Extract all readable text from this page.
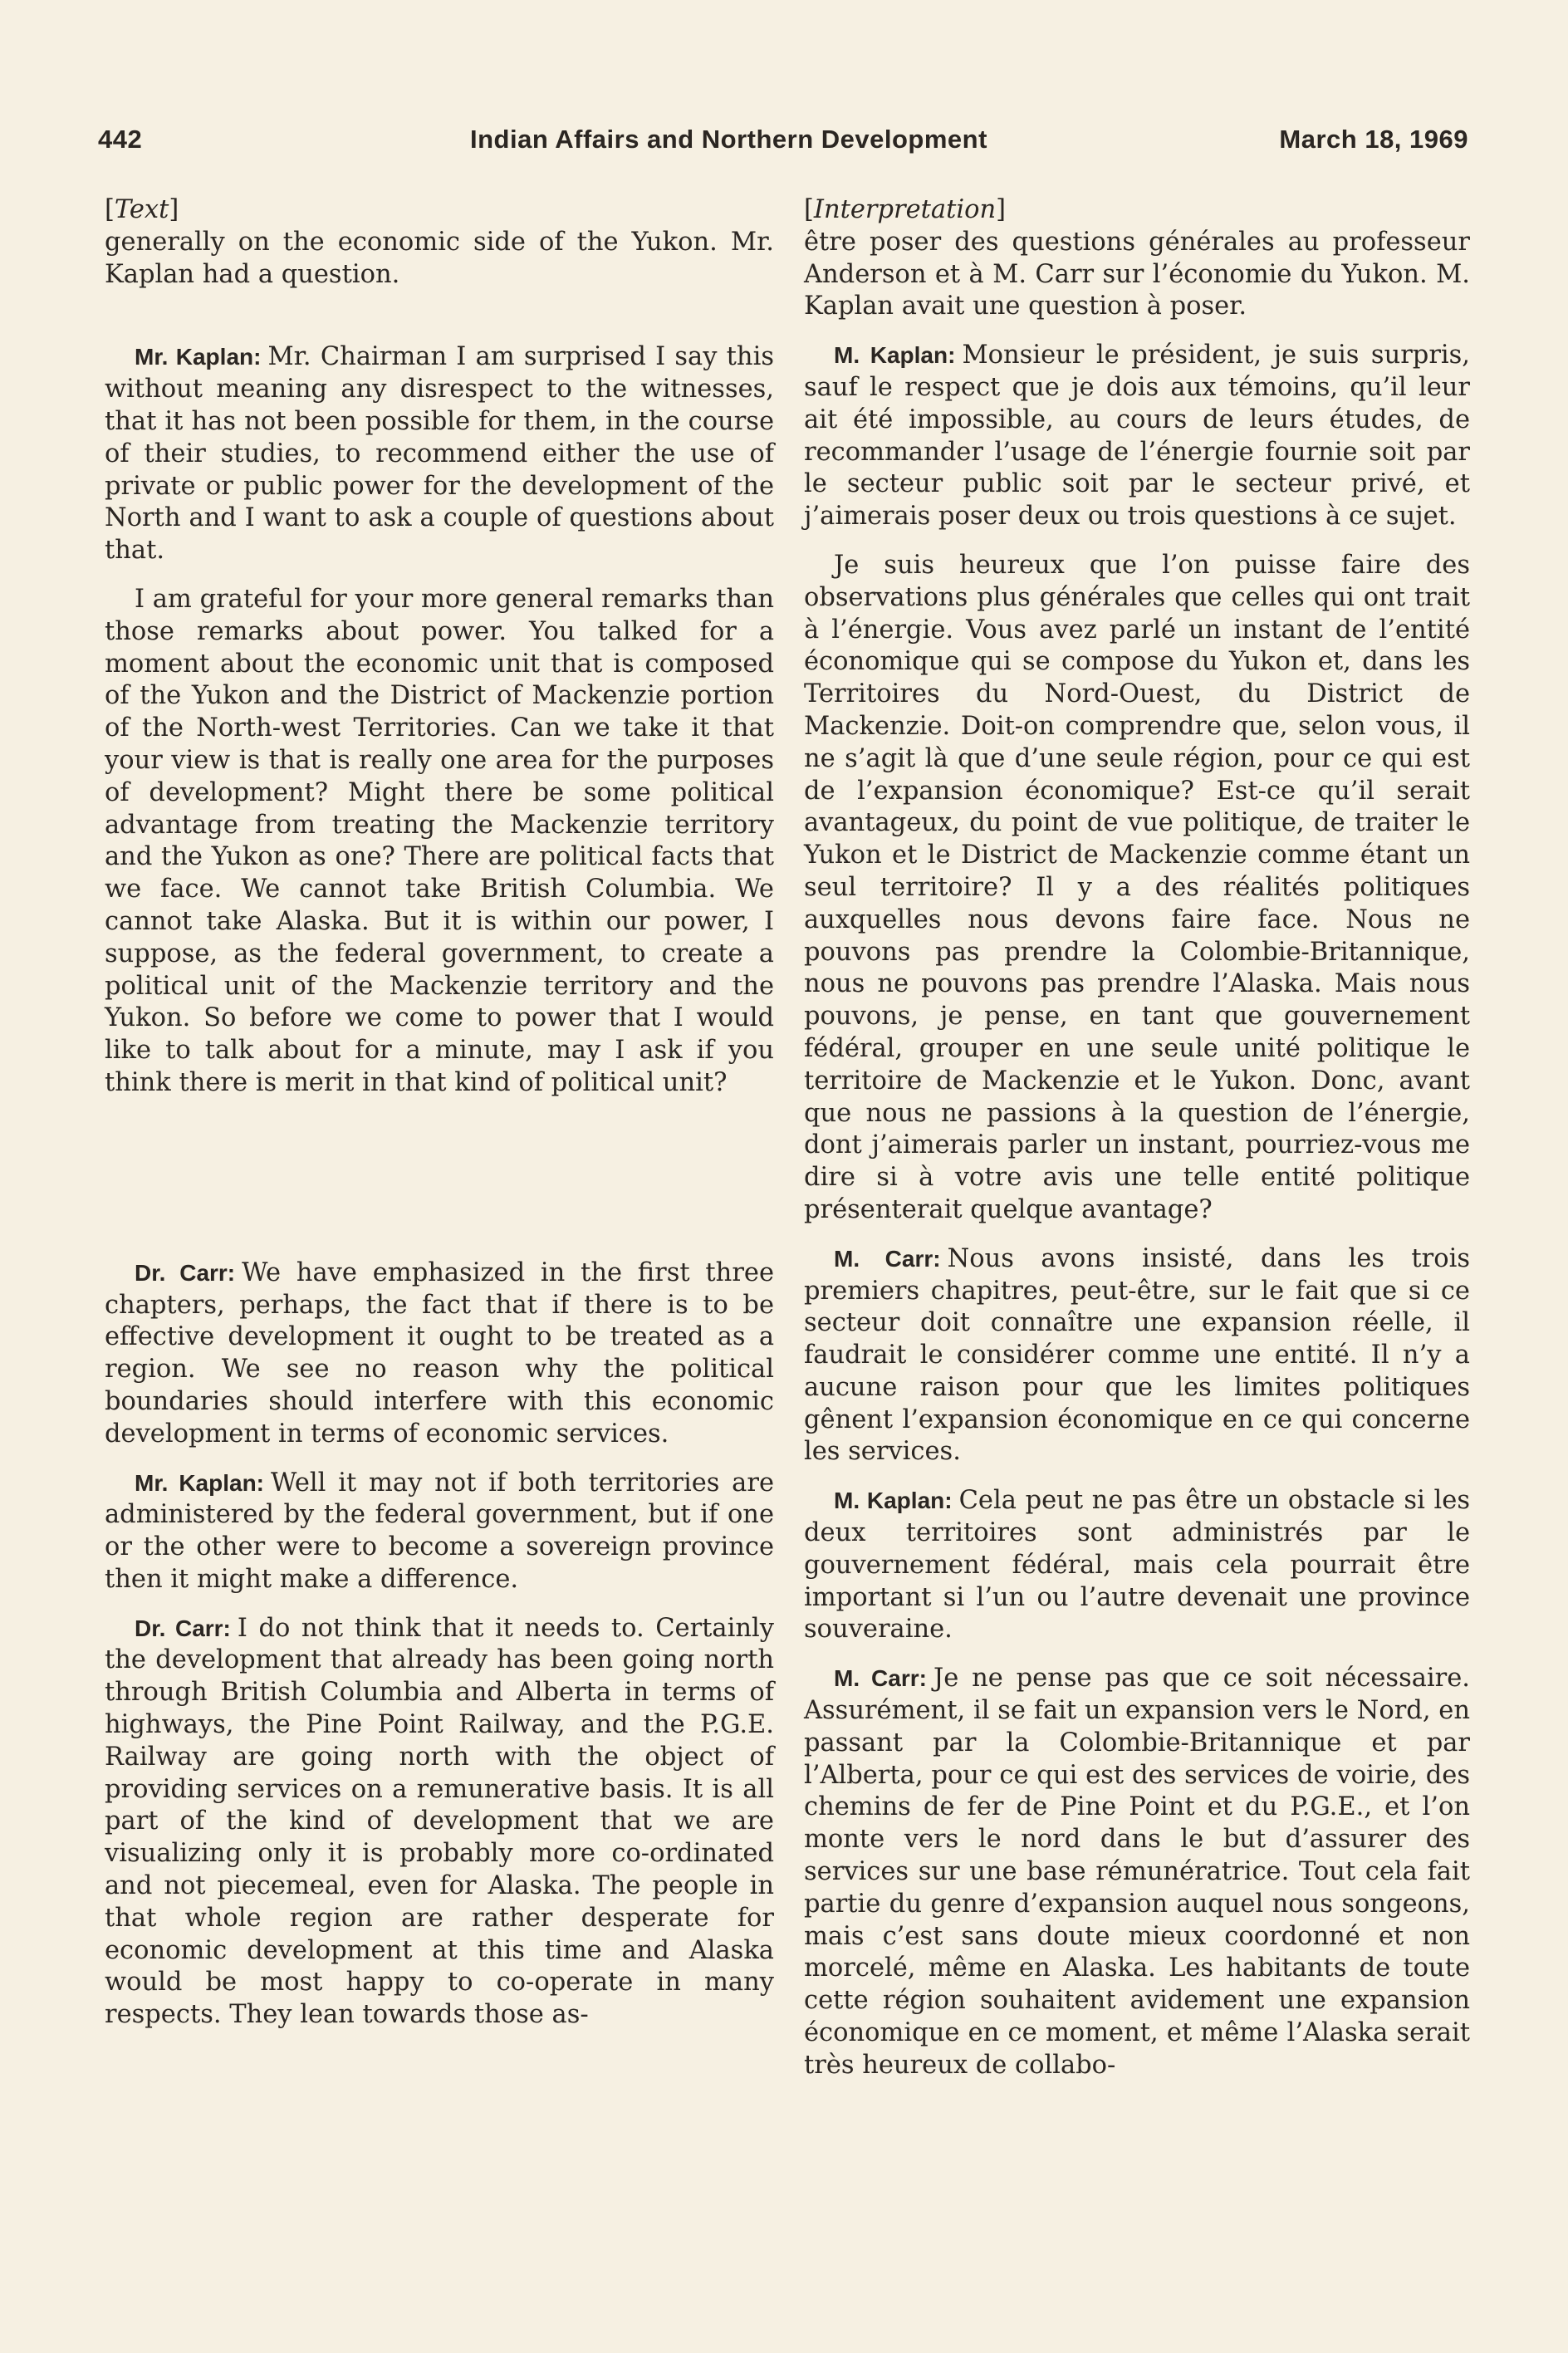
442	Indian Affairs and Northern Development	March 18, 1969
[Text]

generally on the economic side of the Yukon. Mr. Kaplan had a question.

Mr. Kaplan: Mr. Chairman I am surprised I say this without meaning any disrespect to the witnesses, that it has not been possible for them, in the course of their studies, to recommend either the use of private or public power for the development of the North and I want to ask a couple of questions about that.

I am grateful for your more general remarks than those remarks about power. You talked for a moment about the economic unit that is composed of the Yukon and the District of Mackenzie portion of the North-west Territories. Can we take it that your view is that is really one area for the purposes of development? Might there be some political advantage from treating the Mackenzie territory and the Yukon as one? There are political facts that we face. We cannot take British Columbia. We cannot take Alaska. But it is within our power, I suppose, as the federal government, to create a political unit of the Mackenzie territory and the Yukon. So before we come to power that I would like to talk about for a minute, may I ask if you think there is merit in that kind of political unit?

Dr. Carr: We have emphasized in the first three chapters, perhaps, the fact that if there is to be effective development it ought to be treated as a region. We see no reason why the political boundaries should interfere with this economic development in terms of economic services.

Mr. Kaplan: Well it may not if both territories are administered by the federal government, but if one or the other were to become a sovereign province then it might make a difference.

Dr. Carr: I do not think that it needs to. Certainly the development that already has been going north through British Columbia and Alberta in terms of highways, the Pine Point Railway, and the P.G.E. Railway are going north with the object of providing services on a remunerative basis. It is all part of the kind of development that we are visualizing only it is probably more co-ordinated and not piecemeal, even for Alaska. The people in that whole region are rather desperate for economic development at this time and Alaska would be most happy to co-operate in many respects. They lean towards those as-

[Interpretation]

être poser des questions générales au professeur Anderson et à M. Carr sur l’économie du Yukon. M. Kaplan avait une question à poser.

M. Kaplan: Monsieur le président, je suis surpris, sauf le respect que je dois aux témoins, qu’il leur ait été impossible, au cours de leurs études, de recommander l’usage de l’énergie fournie soit par le secteur public soit par le secteur privé, et j’aimerais poser deux ou trois questions à ce sujet.

Je suis heureux que l’on puisse faire des observations plus générales que celles qui ont trait à l’énergie. Vous avez parlé un instant de l’entité économique qui se compose du Yukon et, dans les Territoires du Nord-Ouest, du District de Mackenzie. Doit-on comprendre que, selon vous, il ne s’agit là que d’une seule région, pour ce qui est de l’expansion économique? Est-ce qu’il serait avantageux, du point de vue politique, de traiter le Yukon et le District de Mackenzie comme étant un seul territoire? Il y a des réalités politiques auxquelles nous devons faire face. Nous ne pouvons pas prendre la Colombie-Britannique, nous ne pouvons pas prendre l’Alaska. Mais nous pouvons, je pense, en tant que gouvernement fédéral, grouper en une seule unité politique le territoire de Mackenzie et le Yukon. Donc, avant que nous ne passions à la question de l’énergie, dont j’aimerais parler un instant, pourriez-vous me dire si à votre avis une telle entité politique présenterait quelque avantage?

M. Carr: Nous avons insisté, dans les trois premiers chapitres, peut-être, sur le fait que si ce secteur doit connaître une expansion réelle, il faudrait le considérer comme une entité. Il n’y a aucune raison pour que les limites politiques gênent l’expansion économique en ce qui concerne les services.

M. Kaplan: Cela peut ne pas être un obstacle si les deux territoires sont administrés par le gouvernement fédéral, mais cela pourrait être important si l’un ou l’autre devenait une province souveraine.

M. Carr: Je ne pense pas que ce soit nécessaire. Assurément, il se fait un expansion vers le Nord, en passant par la Colombie-Britannique et par l’Alberta, pour ce qui est des services de voirie, des chemins de fer de Pine Point et du P.G.E., et l’on monte vers le nord dans le but d’assurer des services sur une base rémunératrice. Tout cela fait partie du genre d’expansion auquel nous songeons, mais c’est sans doute mieux coordonné et non morcelé, même en Alaska. Les habitants de toute cette région souhaitent avidement une expansion économique en ce moment, et même l’Alaska serait très heureux de collabo-
